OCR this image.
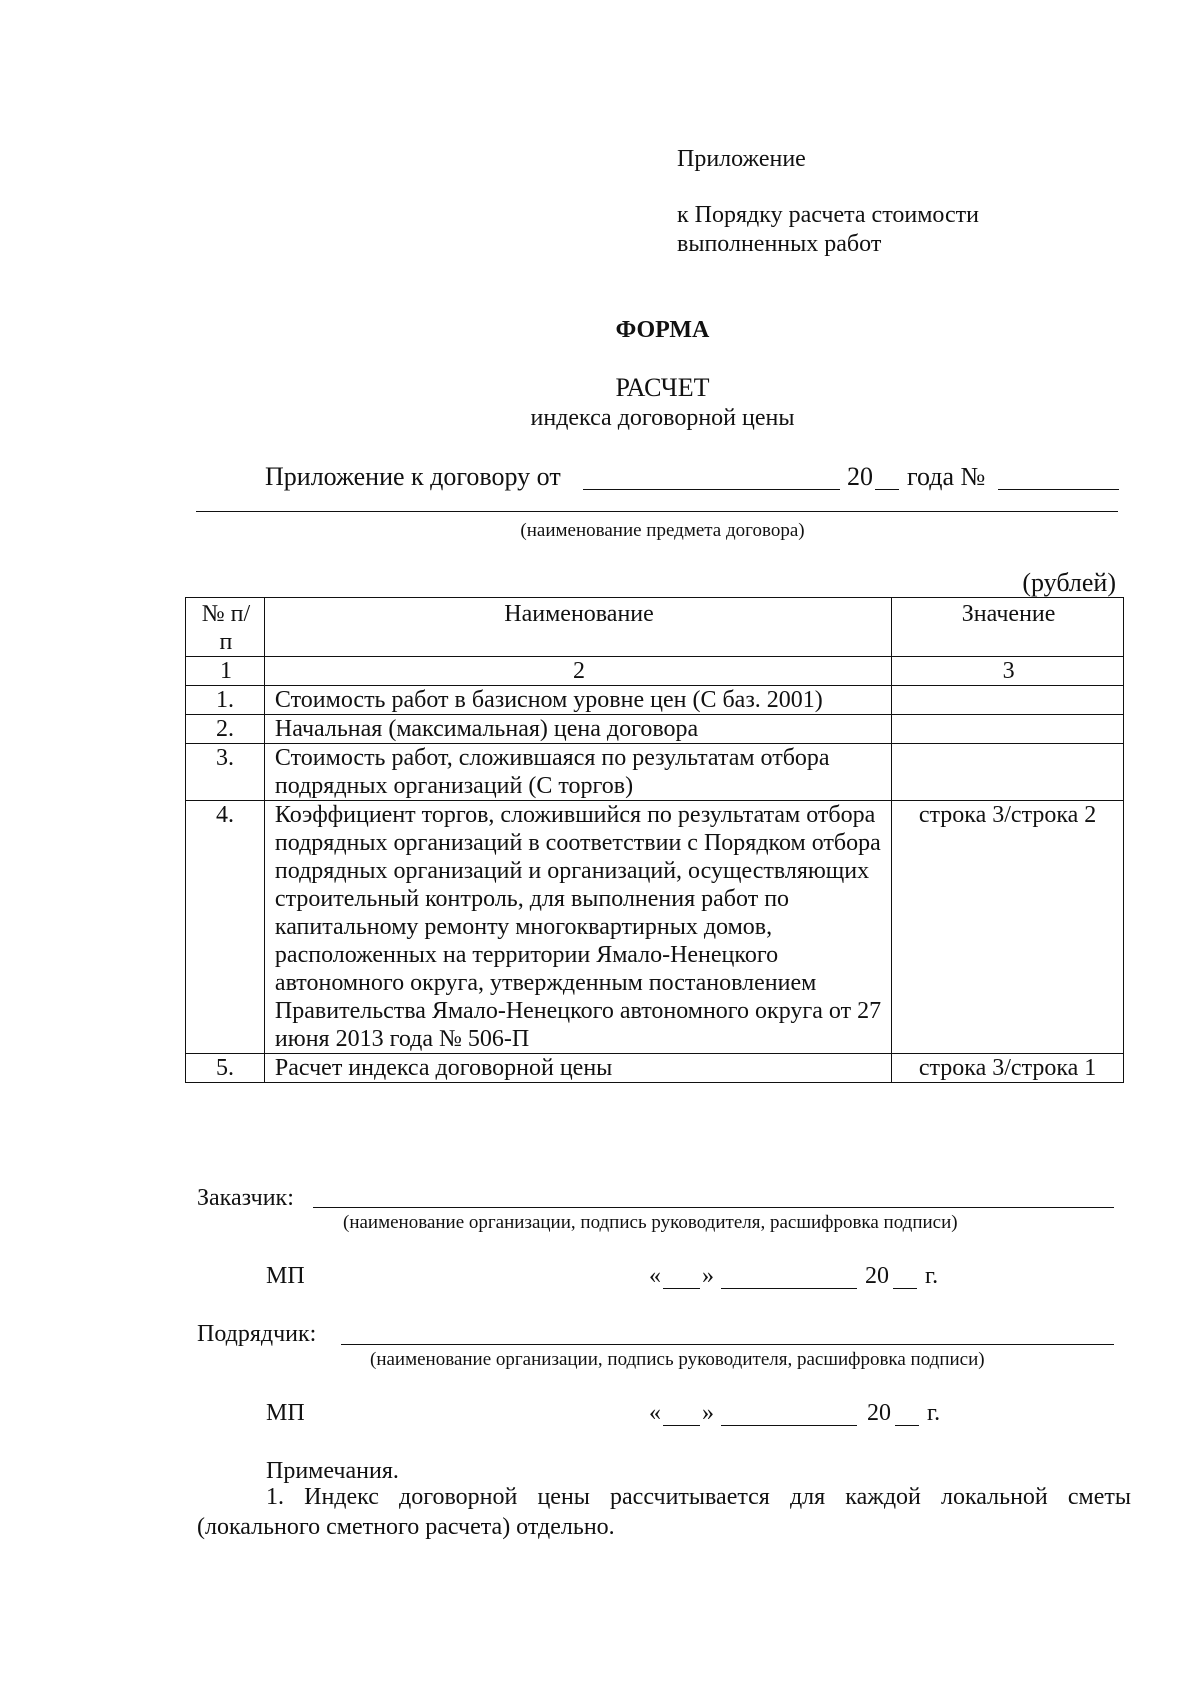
Приложение
к Порядку расчета стоимости
выполненных работ
ФОРМА
РАСЧЕТ
индекса договорной цены
Приложение к договору от	20 года №
(наименование предмета договора)
(рублей)
№ п/п	Наименование	Значение
1	2	3
1.	Стоимость работ в базисном уровне цен (С баз. 2001)	
2.	Начальная (максимальная) цена договора	
3.	Стоимость работ, сложившаяся по результатам отбора подрядных организаций (С торгов)	
4.	Коэффициент торгов, сложившийся по результатам отбора подрядных организаций в соответствии с Порядком отбора подрядных организаций и организаций, осуществляющих строительный контроль, для выполнения работ по капитальному ремонту многоквартирных домов, расположенных на территории Ямало-Ненецкого автономного округа, утвержденным постановлением Правительства Ямало-Ненецкого автономного округа от 27 июня 2013 года № 506-П	строка 3/строка 2
5.	Расчет индекса договорной цены	строка 3/строка 1
Заказчик:
(наименование организации, подпись руководителя, расшифровка подписи)
МП	« »	20 г.
Подрядчик:
(наименование организации, подпись руководителя, расшифровка подписи)
МП	« »	20 г.
Примечания.
1. Индекс договорной цены рассчитывается для каждой локальной сметы (локального сметного расчета) отдельно.
